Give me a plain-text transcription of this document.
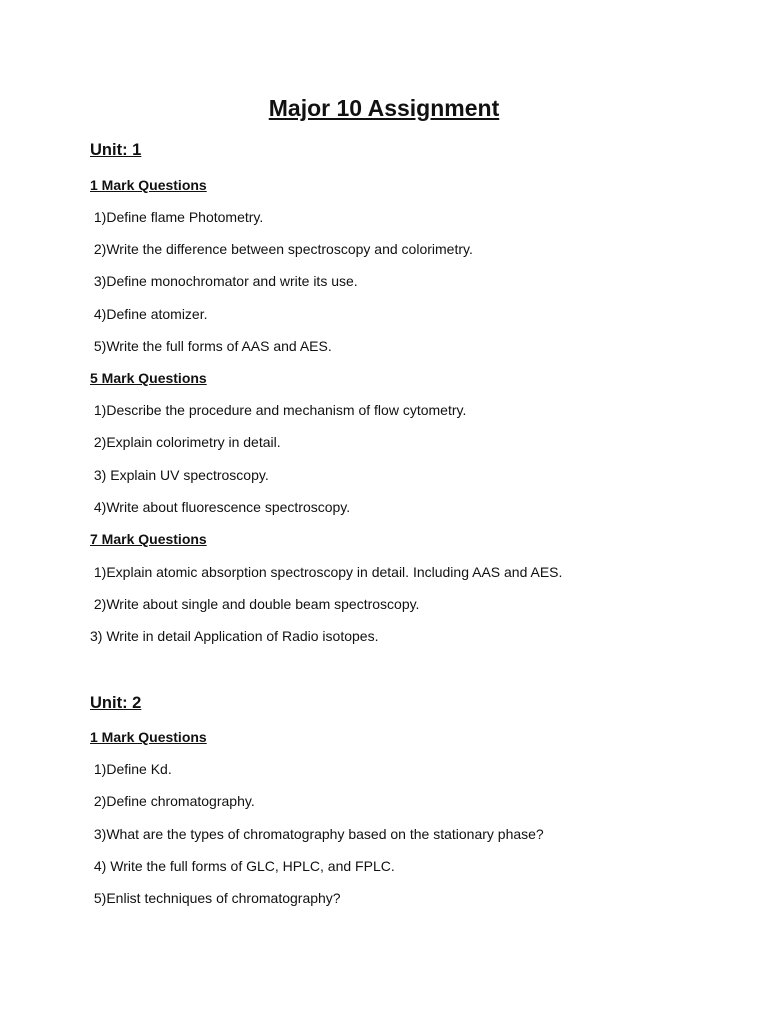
Major 10 Assignment
Unit: 1
1 Mark Questions
1)Define flame Photometry.
2)Write the difference between spectroscopy and colorimetry.
3)Define monochromator and write its use.
4)Define atomizer.
5)Write the full forms of AAS and AES.
5 Mark Questions
1)Describe the procedure and mechanism of flow cytometry.
2)Explain colorimetry in detail.
3) Explain UV spectroscopy.
4)Write about fluorescence spectroscopy.
7 Mark Questions
1)Explain atomic absorption spectroscopy in detail. Including AAS and AES.
2)Write about single and double beam spectroscopy.
3) Write in detail Application of Radio isotopes.
Unit: 2
1 Mark Questions
1)Define Kd.
2)Define chromatography.
3)What are the types of chromatography based on the stationary phase?
4) Write the full forms of GLC, HPLC, and FPLC.
5)Enlist techniques of chromatography?
